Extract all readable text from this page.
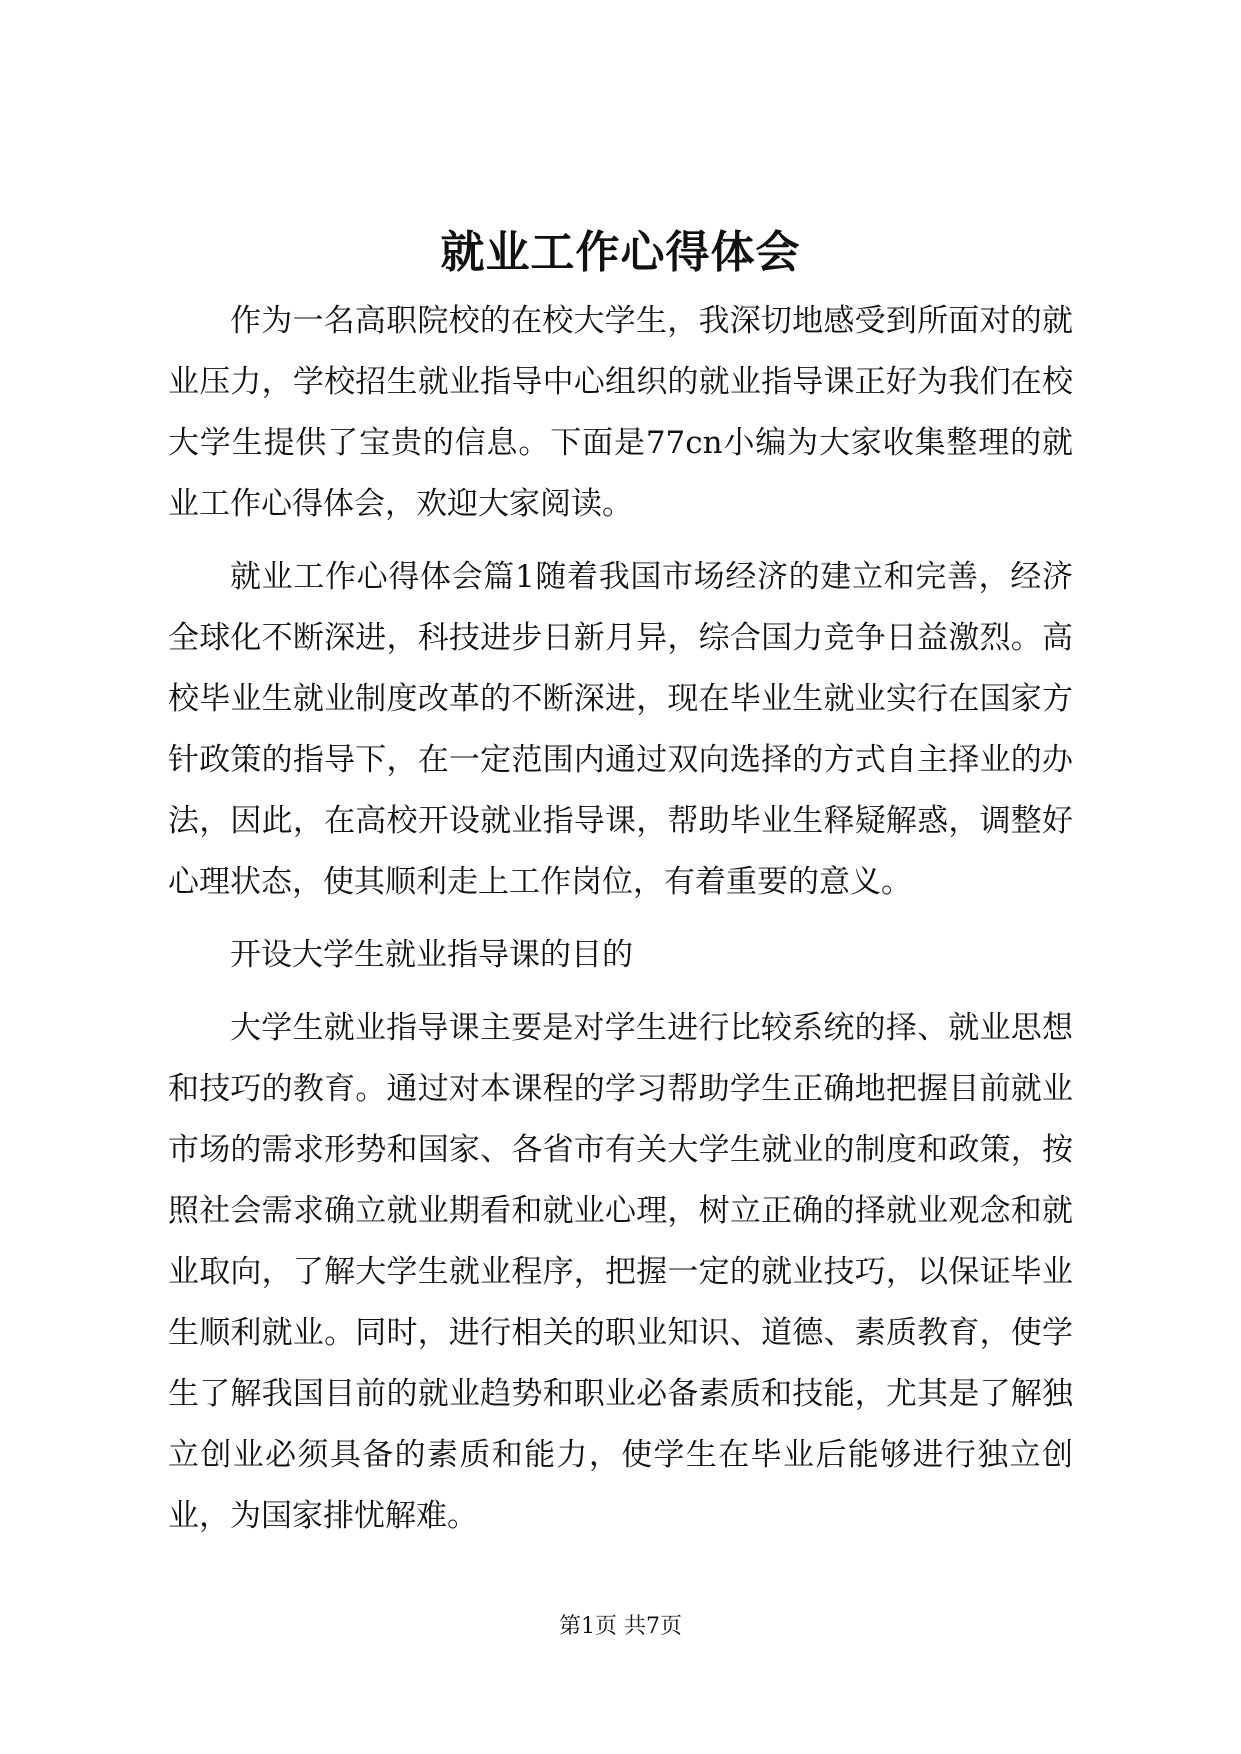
就业工作心得体会

作为一名高职院校的在校大学生，我深切地感受到所面对的就业压力，学校招生就业指导中心组织的就业指导课正好为我们在校大学生提供了宝贵的信息。下面是77cn小编为大家收集整理的就业工作心得体会，欢迎大家阅读。

就业工作心得体会篇1随着我国市场经济的建立和完善，经济全球化不断深进，科技进步日新月异，综合国力竞争日益激烈。高校毕业生就业制度改革的不断深进，现在毕业生就业实行在国家方针政策的指导下，在一定范围内通过双向选择的方式自主择业的办法，因此，在高校开设就业指导课，帮助毕业生释疑解惑，调整好心理状态，使其顺利走上工作岗位，有着重要的意义。

开设大学生就业指导课的目的

大学生就业指导课主要是对学生进行比较系统的择、就业思想和技巧的教育。通过对本课程的学习帮助学生正确地把握目前就业市场的需求形势和国家、各省市有关大学生就业的制度和政策，按照社会需求确立就业期看和就业心理，树立正确的择就业观念和就业取向，了解大学生就业程序，把握一定的就业技巧，以保证毕业生顺利就业。同时，进行相关的职业知识、道德、素质教育，使学生了解我国目前的就业趋势和职业必备素质和技能，尤其是了解独立创业必须具备的素质和能力，使学生在毕业后能够进行独立创业，为国家排忧解难。

第1页 共7页
